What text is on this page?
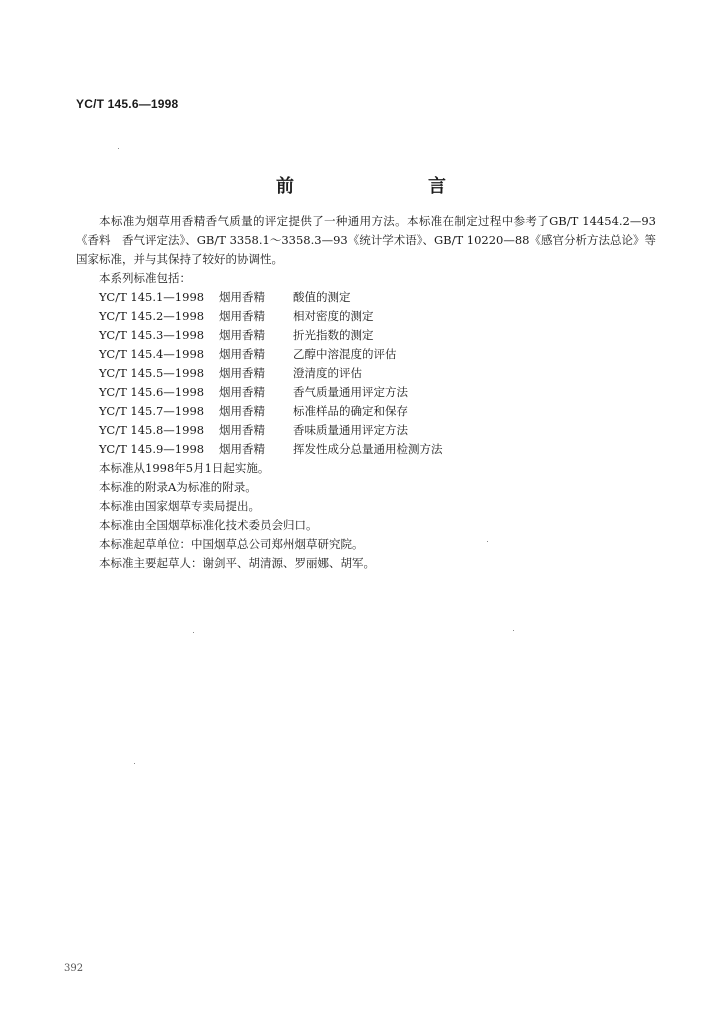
YC/T 145.6—1998
前　言

本标准为烟草用香精香气质量的评定提供了一种通用方法。本标准在制定过程中参考了GB/T 14454.2—93《香料　香气评定法》、GB/T 3358.1～3358.3—93《统计学术语》、GB/T 10220—88《感官分析方法总论》等国家标准，并与其保持了较好的协调性。

本系列标准包括：

YC/T 145.1—1998	烟用香精	酸值的测定
YC/T 145.2—1998	烟用香精	相对密度的测定
YC/T 145.3—1998	烟用香精	折光指数的测定
YC/T 145.4—1998	烟用香精	乙醇中溶混度的评估
YC/T 145.5—1998	烟用香精	澄清度的评估
YC/T 145.6—1998	烟用香精	香气质量通用评定方法
YC/T 145.7—1998	烟用香精	标准样品的确定和保存
YC/T 145.8—1998	烟用香精	香味质量通用评定方法
YC/T 145.9—1998	烟用香精	挥发性成分总量通用检测方法

本标准从1998年5月1日起实施。

本标准的附录A为标准的附录。

本标准由国家烟草专卖局提出。

本标准由全国烟草标准化技术委员会归口。

本标准起草单位：中国烟草总公司郑州烟草研究院。

本标准主要起草人：谢剑平、胡清源、罗丽娜、胡军。

392
